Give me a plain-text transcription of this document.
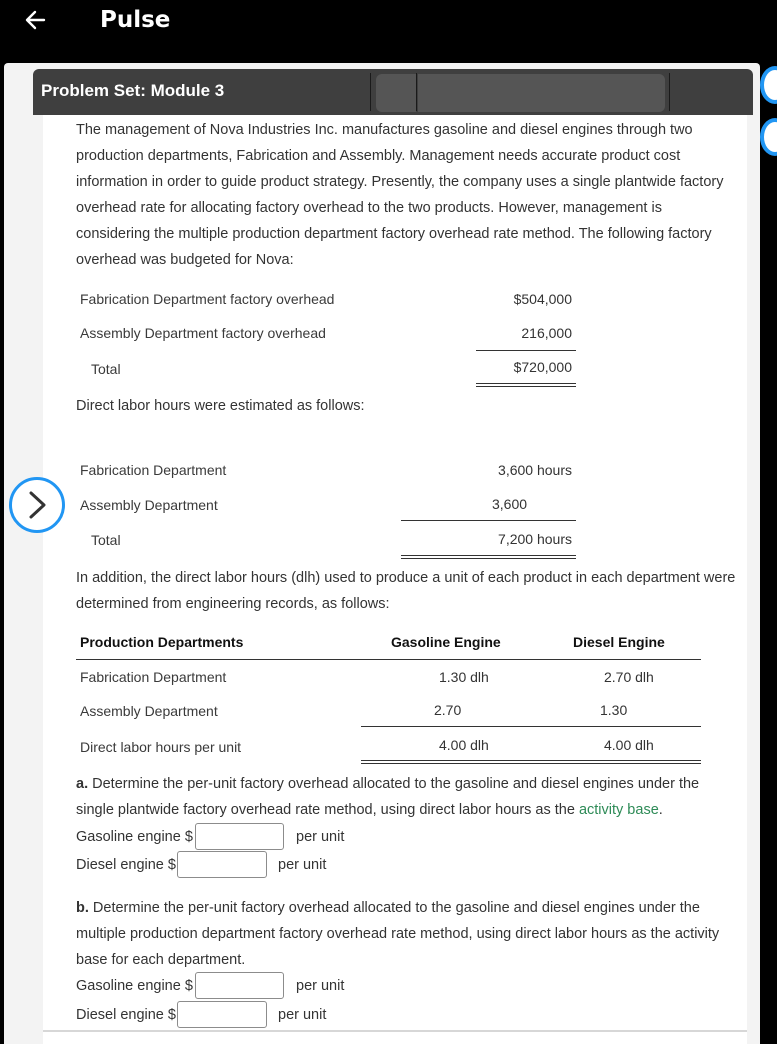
Pulse
Problem Set: Module 3
The management of Nova Industries Inc. manufactures gasoline and diesel engines through two production departments, Fabrication and Assembly. Management needs accurate product cost information in order to guide product strategy. Presently, the company uses a single plantwide factory overhead rate for allocating factory overhead to the two products. However, management is considering the multiple production department factory overhead rate method. The following factory overhead was budgeted for Nova:
Fabrication Department factory overhead	$504,000
Assembly Department factory overhead	216,000
Total	$720,000
Direct labor hours were estimated as follows:
Fabrication Department	3,600 hours
Assembly Department	3,600
Total	7,200 hours
In addition, the direct labor hours (dlh) used to produce a unit of each product in each department were determined from engineering records, as follows:
Production Departments	Gasoline Engine	Diesel Engine
Fabrication Department	1.30 dlh	2.70 dlh
Assembly Department	2.70	1.30
Direct labor hours per unit	4.00 dlh	4.00 dlh
a. Determine the per-unit factory overhead allocated to the gasoline and diesel engines under the single plantwide factory overhead rate method, using direct labor hours as the activity base.
Gasoline engine $	per unit
Diesel engine $	per unit
b. Determine the per-unit factory overhead allocated to the gasoline and diesel engines under the multiple production department factory overhead rate method, using direct labor hours as the activity base for each department.
Gasoline engine $	per unit
Diesel engine $	per unit
